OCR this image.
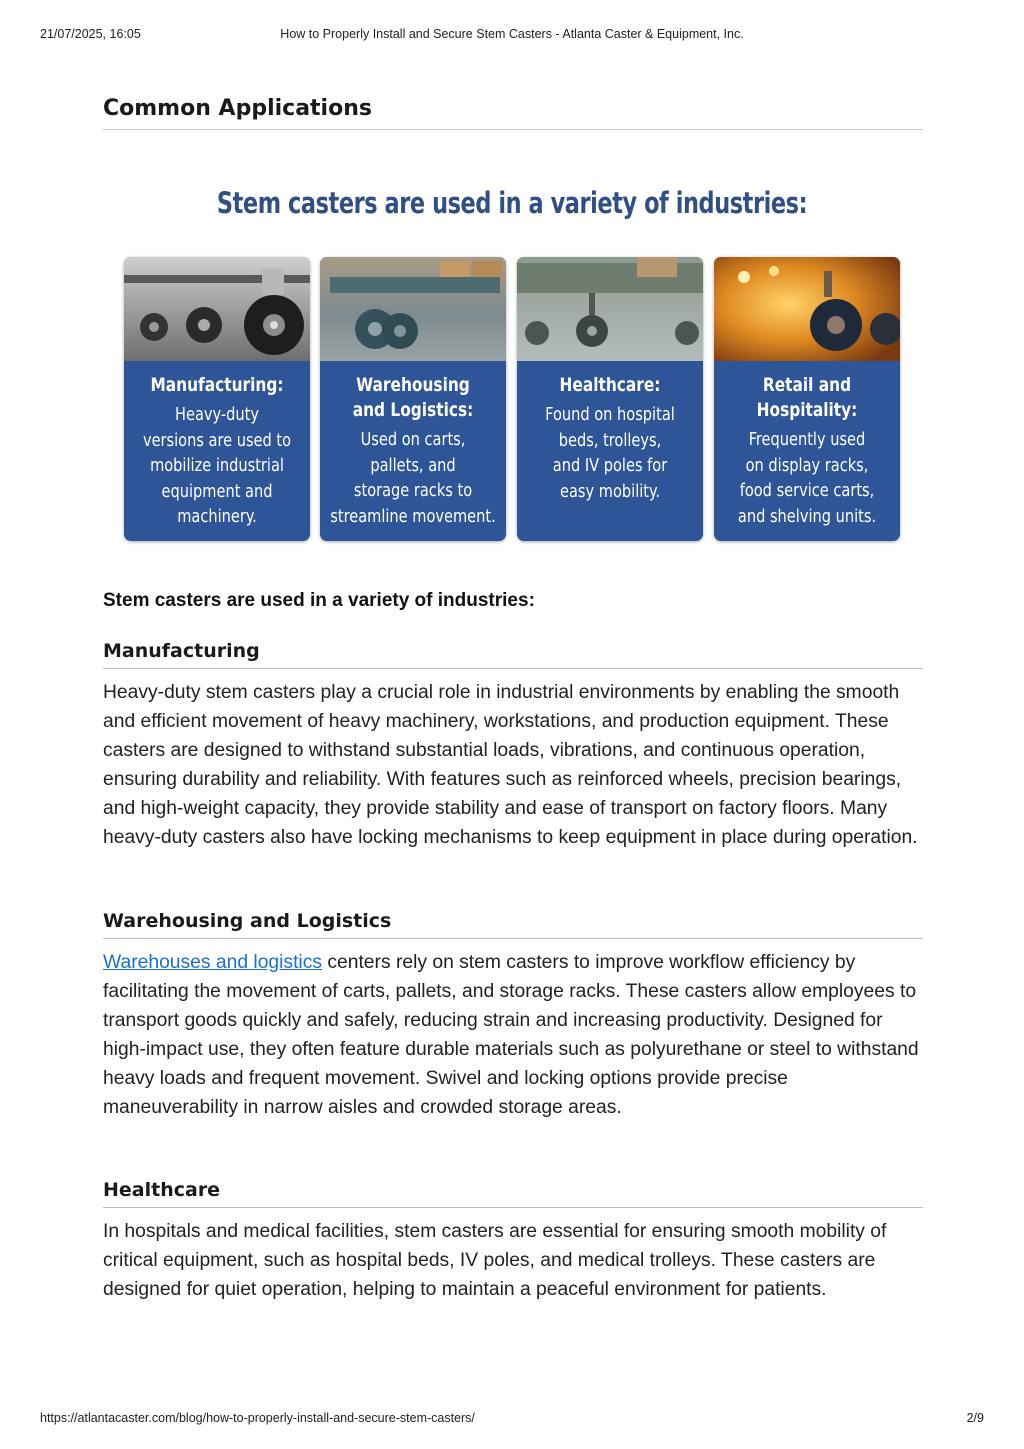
21/07/2025, 16:05	How to Properly Install and Secure Stem Casters - Atlanta Caster & Equipment, Inc.
Common Applications
Stem casters are used in a variety of industries:
Manufacturing:
Heavy-duty
versions are used to
mobilize industrial
equipment and
machinery.
Warehousing
and Logistics:
Used on carts,
pallets, and
storage racks to
streamline movement.
Healthcare:
Found on hospital
beds, trolleys,
and IV poles for
easy mobility.
Retail and
Hospitality:
Frequently used
on display racks,
food service carts,
and shelving units.

Stem casters are used in a variety of industries:

Manufacturing

Heavy-duty stem casters play a crucial role in industrial environments by enabling the smooth and efficient movement of heavy machinery, workstations, and production equipment. These casters are designed to withstand substantial loads, vibrations, and continuous operation, ensuring durability and reliability. With features such as reinforced wheels, precision bearings, and high-weight capacity, they provide stability and ease of transport on factory floors. Many heavy-duty casters also have locking mechanisms to keep equipment in place during operation.

Warehousing and Logistics

Warehouses and logistics centers rely on stem casters to improve workflow efficiency by facilitating the movement of carts, pallets, and storage racks. These casters allow employees to transport goods quickly and safely, reducing strain and increasing productivity. Designed for high-impact use, they often feature durable materials such as polyurethane or steel to withstand heavy loads and frequent movement. Swivel and locking options provide precise maneuverability in narrow aisles and crowded storage areas.

Healthcare

In hospitals and medical facilities, stem casters are essential for ensuring smooth mobility of critical equipment, such as hospital beds, IV poles, and medical trolleys. These casters are designed for quiet operation, helping to maintain a peaceful environment for patients.

https://atlantacaster.com/blog/how-to-properly-install-and-secure-stem-casters/	2/9
